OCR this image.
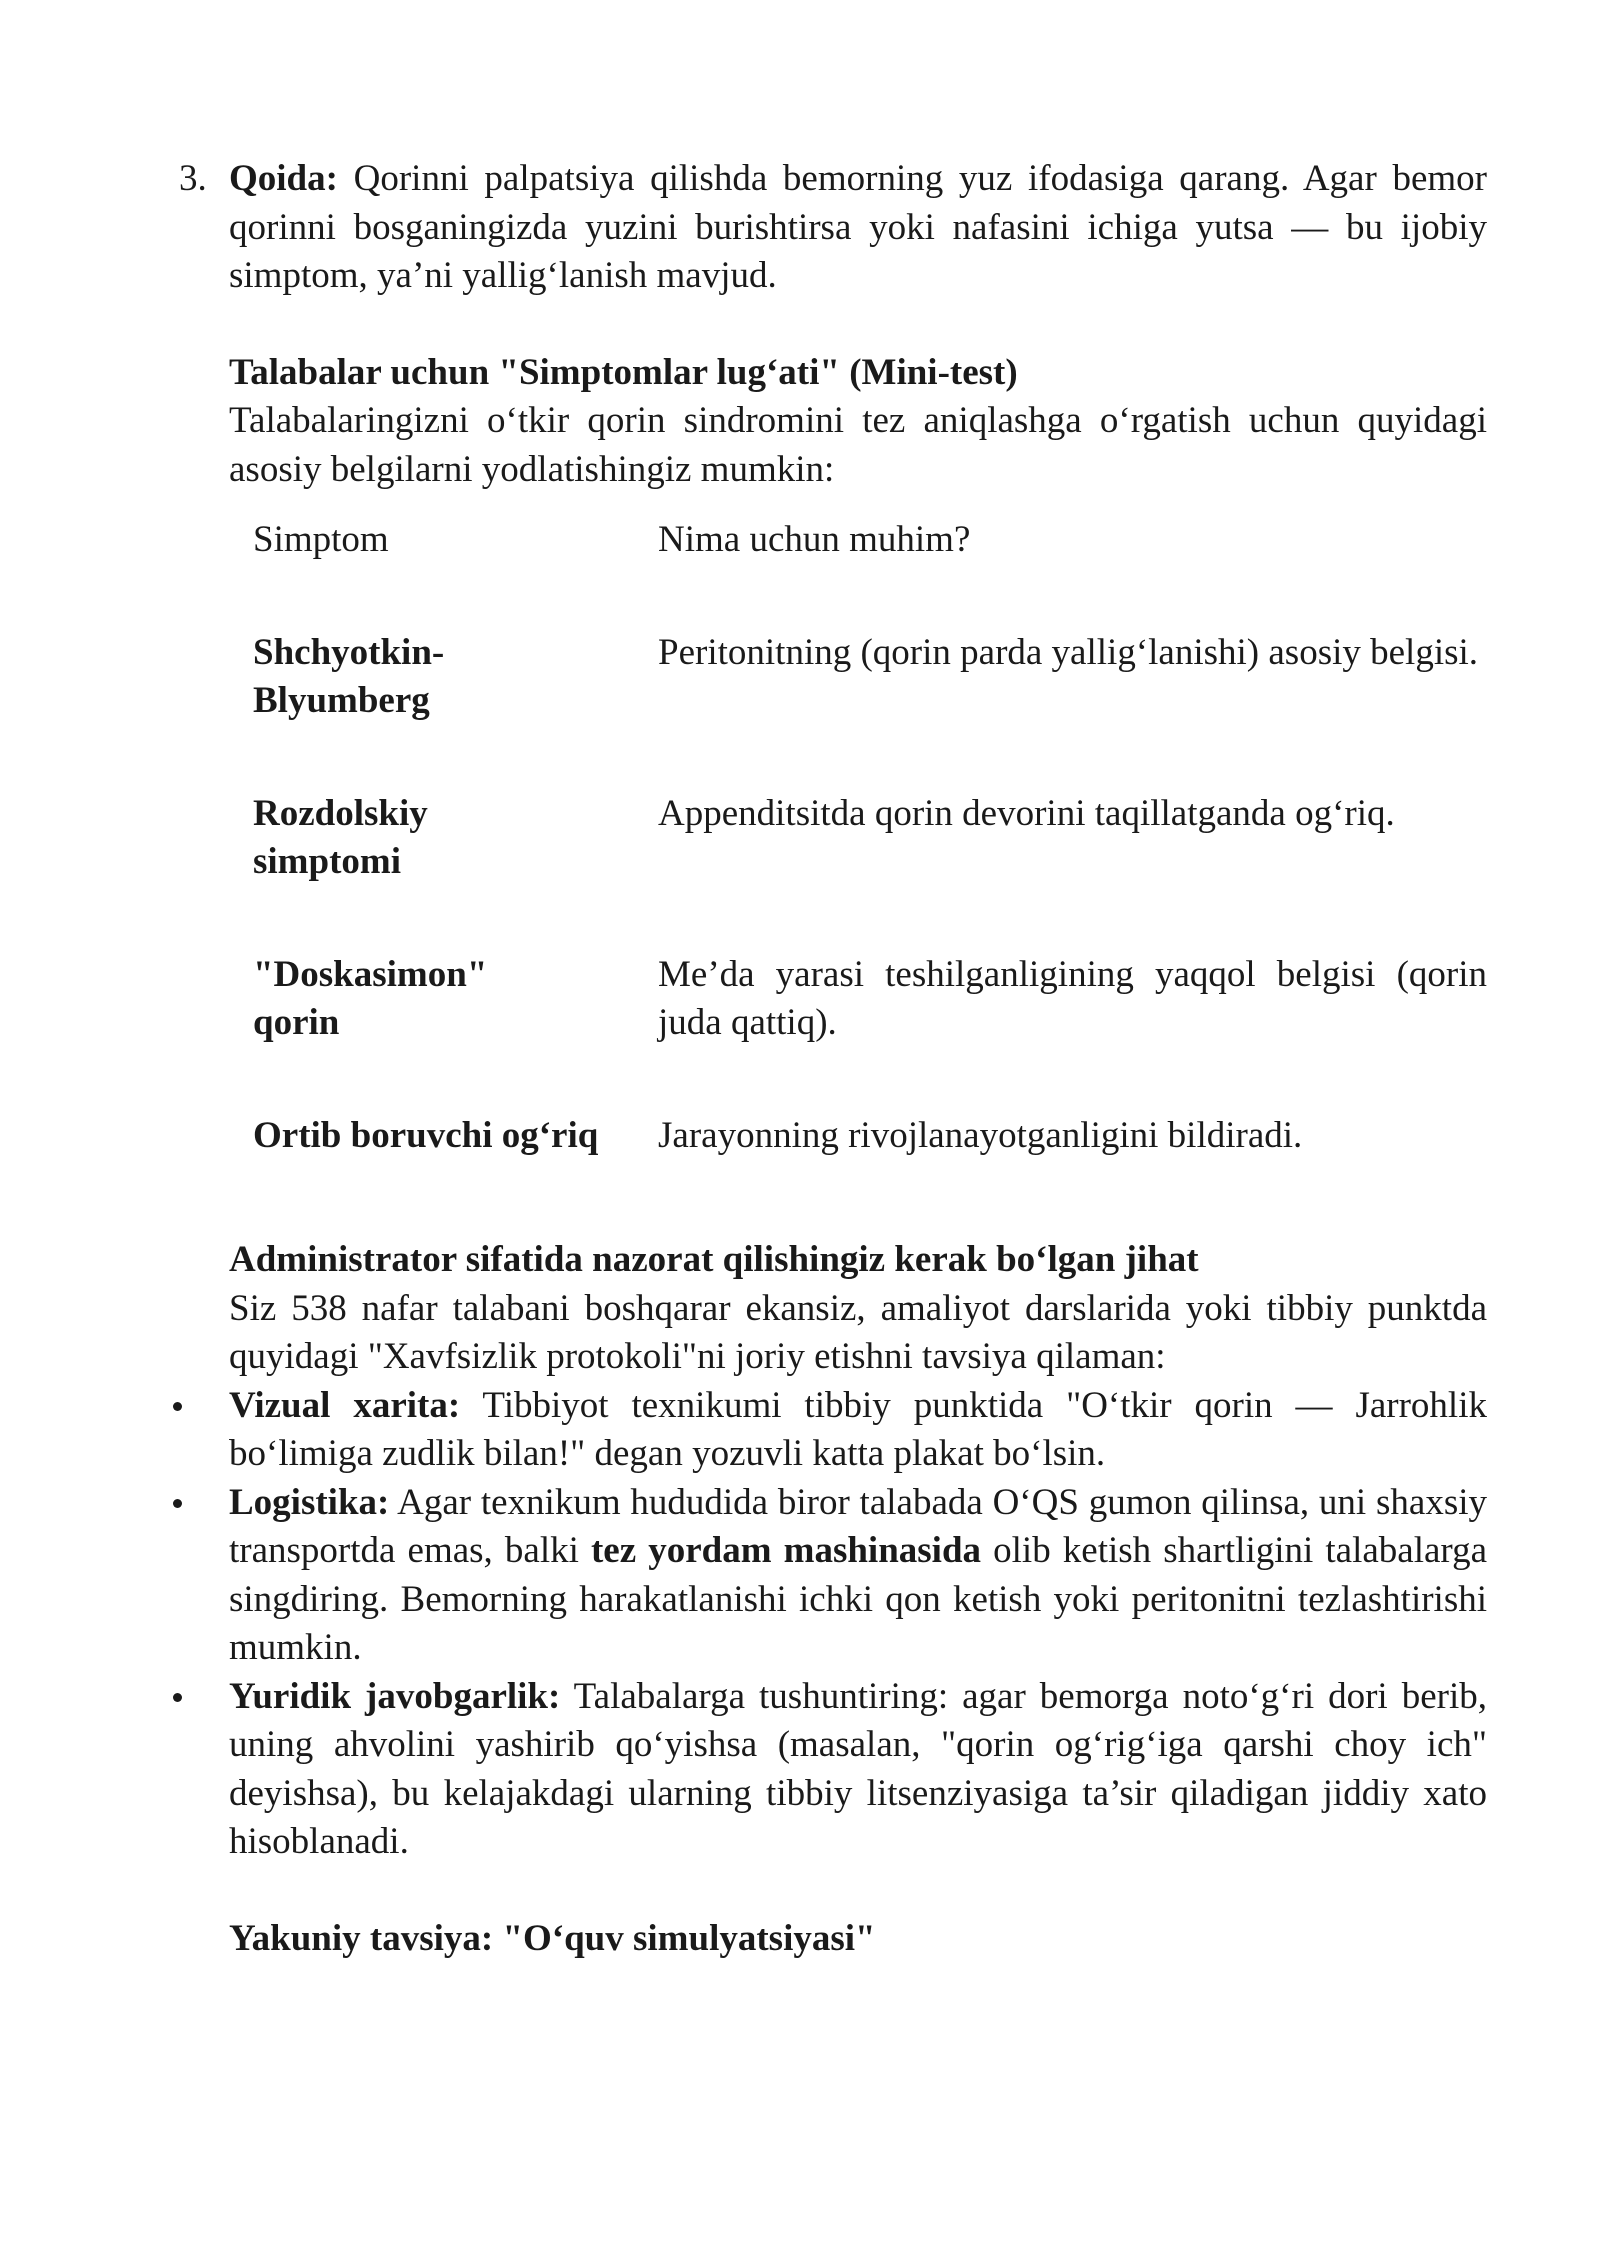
3. Qoida: Qorinni palpatsiya qilishda bemorning yuz ifodasiga qarang. Agar bemor qorinni bosganingizda yuzini burishtirsa yoki nafasini ichiga yutsa — bu ijobiy simptom, ya’ni yallig‘lanish mavjud.
Talabalar uchun "Simptomlar lug‘ati" (Mini-test)
Talabalaringizni o‘tkir qorin sindromini tez aniqlashga o‘rgatish uchun quyidagi asosiy belgilarni yodlatishingiz mumkin:
Simptom	Nima uchun muhim?

Shchyotkin-Blyumberg	Peritonitning (qorin parda yallig‘lanishi) asosiy belgisi.

Rozdolskiy simptomi	Appenditsitda qorin devorini taqillatganda og‘riq.

"Doskasimon" qorin	Me’da yarasi teshilganligining yaqqol belgisi (qorin juda qattiq).

Ortib boruvchi og‘riq	Jarayonning rivojlanayotganligini bildiradi.
Administrator sifatida nazorat qilishingiz kerak bo‘lgan jihat
Siz 538 nafar talabani boshqarar ekansiz, amaliyot darslarida yoki tibbiy punktda quyidagi "Xavfsizlik protokoli"ni joriy etishni tavsiya qilaman:
Vizual xarita: Tibbiyot texnikumi tibbiy punktida "O‘tkir qorin — Jarrohlik bo‘limiga zudlik bilan!" degan yozuvli katta plakat bo‘lsin.
Logistika: Agar texnikum hududida biror talabada O‘QS gumon qilinsa, uni shaxsiy transportda emas, balki tez yordam mashinasida olib ketish shartligini talabalarga singdiring. Bemorning harakatlanishi ichki qon ketish yoki peritonitni tezlashtirishi mumkin.
Yuridik javobgarlik: Talabalarga tushuntiring: agar bemorga noto‘g‘ri dori berib, uning ahvolini yashirib qo‘yishsa (masalan, "qorin og‘rig‘iga qarshi choy ich" deyishsa), bu kelajakdagi ularning tibbiy litsenziyasiga ta’sir qiladigan jiddiy xato hisoblanadi.
Yakuniy tavsiya: "O‘quv simulyatsiyasi"
